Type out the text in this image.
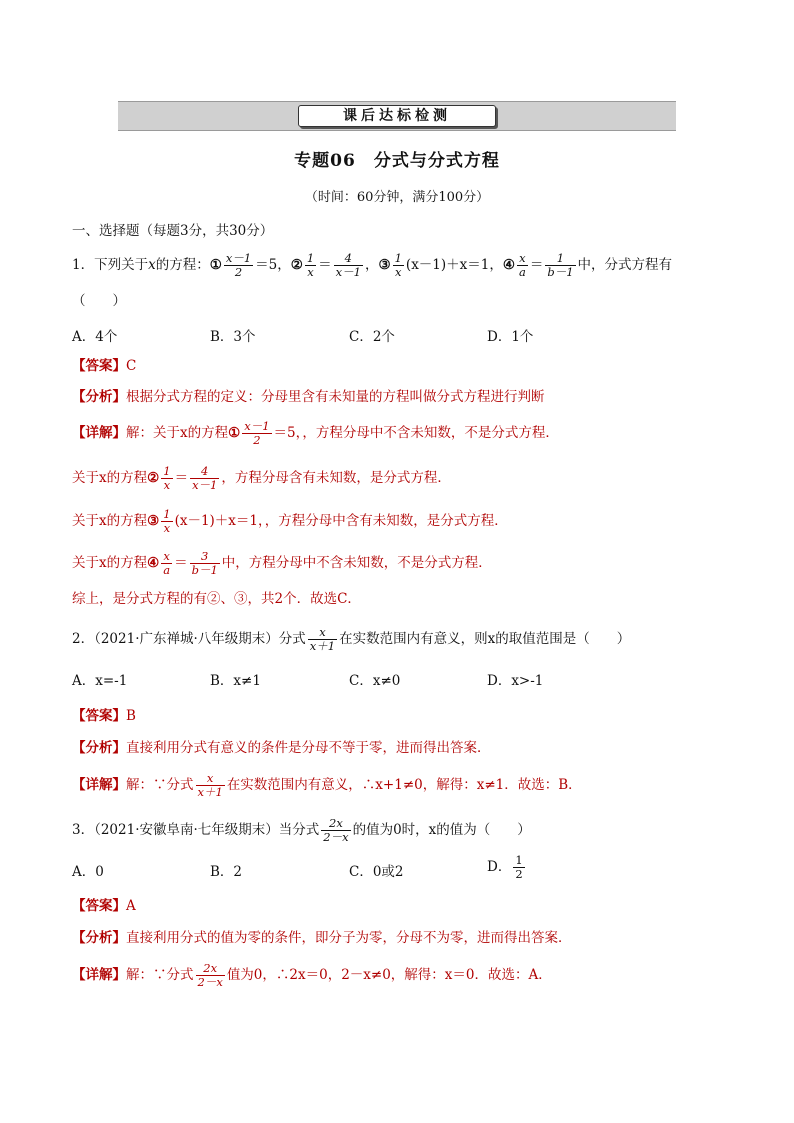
课后达标检测
专题06　分式与分式方程
（时间：60分钟，满分100分）
一、选择题（每题3分，共30分）
1．下列关于x的方程：① $\frac{x-1}{2} =5$，② $\frac{1}{x} = \frac{4}{x-1}$ ，③ $\frac{1}{x} (x-1)+x=1$，④ $\frac{x}{a} = \frac{1}{b-1}$ 中，分式方程有
（　　）
A．4个	B．3个	C．2个	D．1个
【答案】C
【分析】根据分式方程的定义：分母里含有未知量的方程叫做分式方程进行判断
【详解】解：关于x的方程① $\frac{x-1}{2} =5$，，方程分母中不含未知数，不是分式方程．
关于x的方程② $\frac{1}{x} = \frac{4}{x-1}$ ，方程分母含有未知数，是分式方程．
关于x的方程③ $\frac{1}{x} (x-1)+x=1$，，方程分母中含有未知数，是分式方程．
关于x的方程④ $\frac{x}{a} = \frac{3}{b-1}$ 中，方程分母中不含未知数，不是分式方程．
综上，是分式方程的有②、③，共2个．故选C．
2．（2021·广东禅城·八年级期末）分式 $\frac{x}{x+1}$ 在实数范围内有意义，则x的取值范围是（　　）
A．x=-1	B．x≠1	C．x≠0	D．x>-1
【答案】B
【分析】直接利用分式有意义的条件是分母不等于零，进而得出答案．
【详解】解：∵分式 $\frac{x}{x+1}$ 在实数范围内有意义，∴x+1≠0，解得：x≠1．故选：B．
3．（2021·安徽阜南·七年级期末）当分式 $\frac{2x}{2-x}$ 的值为0时，x的值为（　　）
A．0	B．2	C．0或2	D． $\frac{1}{2}$
【答案】A
【分析】直接利用分式的值为零的条件，即分子为零，分母不为零，进而得出答案．
【详解】解：∵分式 $\frac{2x}{2-x}$ 值为0，∴2x＝0，2－x≠0，解得：x＝0．故选：A．
